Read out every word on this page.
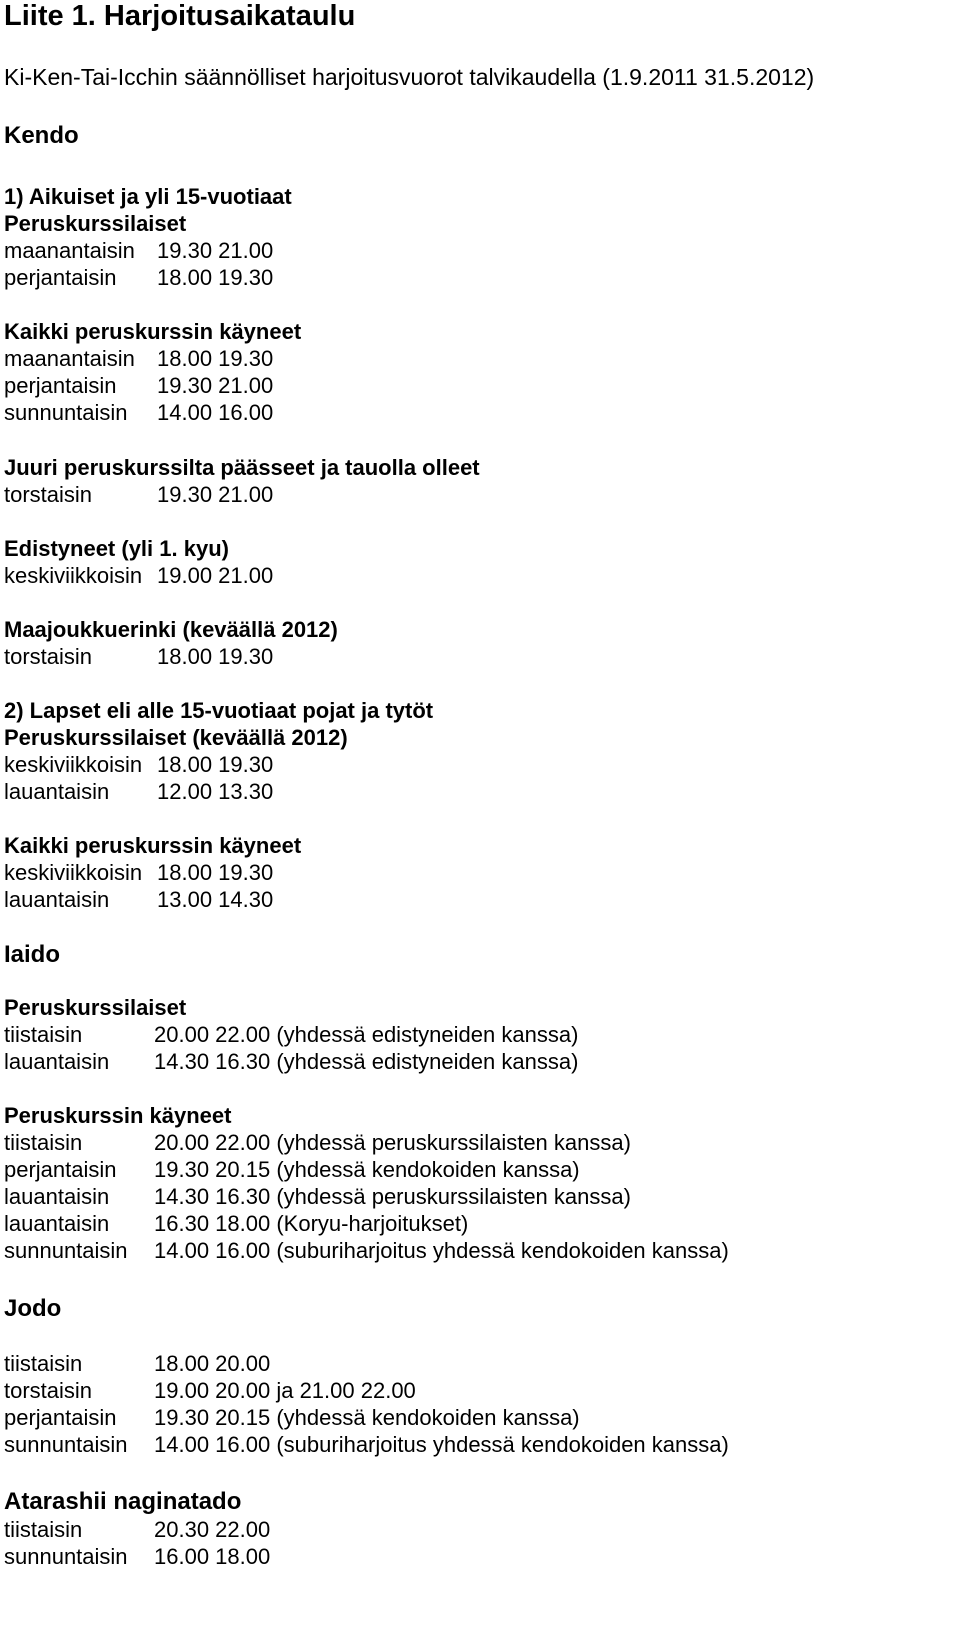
Liite 1. Harjoitusaikataulu
Ki-Ken-Tai-Icchin säännölliset harjoitusvuorot talvikaudella (1.9.2011 31.5.2012)
Kendo
1) Aikuiset ja yli 15-vuotiaat
Peruskurssilaiset
maanantaisin 19.30 21.00
perjantaisin 18.00 19.30
Kaikki peruskurssin käyneet
maanantaisin 18.00 19.30
perjantaisin 19.30 21.00
sunnuntaisin 14.00 16.00
Juuri peruskurssilta päässeet ja tauolla olleet
torstaisin	19.30 21.00
Edistyneet (yli 1. kyu)
keskiviikkoisin 19.00 21.00
Maajoukkuerinki (keväällä 2012)
torstaisin	18.00 19.30
2) Lapset eli alle 15-vuotiaat pojat ja tytöt
Peruskurssilaiset (keväällä 2012)
keskiviikkoisin 18.00 19.30
lauantaisin 12.00 13.30
Kaikki peruskurssin käyneet
keskiviikkoisin 18.00 19.30
lauantaisin 13.00 14.30
Iaido
Peruskurssilaiset
tiistaisin	20.00 22.00 (yhdessä edistyneiden kanssa)
lauantaisin 14.30 16.30 (yhdessä edistyneiden kanssa)
Peruskurssin käyneet
tiistaisin	20.00 22.00 (yhdessä peruskurssilaisten kanssa)
perjantaisin 19.30 20.15 (yhdessä kendokoiden kanssa)
lauantaisin 14.30 16.30 (yhdessä peruskurssilaisten kanssa)
lauantaisin 16.30 18.00 (Koryu-harjoitukset)
sunnuntaisin 14.00 16.00 (suburiharjoitus yhdessä kendokoiden kanssa)
Jodo
tiistaisin	18.00 20.00
torstaisin	19.00 20.00 ja 21.00 22.00
perjantaisin 19.30 20.15 (yhdessä kendokoiden kanssa)
sunnuntaisin 14.00 16.00 (suburiharjoitus yhdessä kendokoiden kanssa)
Atarashii naginatado
tiistaisin	20.30 22.00
sunnuntaisin 16.00 18.00
